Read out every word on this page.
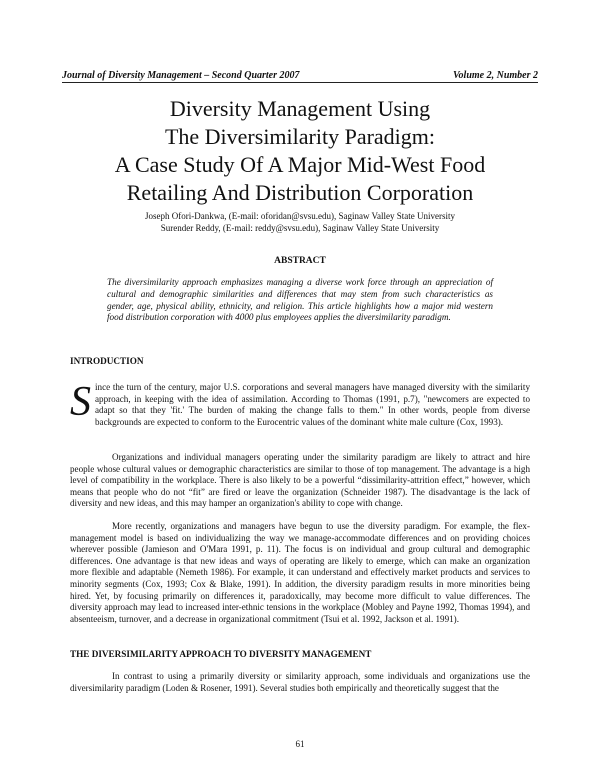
Journal of Diversity Management – Second Quarter 2007	Volume 2, Number 2
Diversity Management Using
The Diversimilarity Paradigm:
A Case Study Of A Major Mid-West Food
Retailing And Distribution Corporation
Joseph Ofori-Dankwa, (E-mail: oforidan@svsu.edu), Saginaw Valley State University
Surender Reddy, (E-mail: reddy@svsu.edu), Saginaw Valley State University
ABSTRACT
The diversimilarity approach emphasizes managing a diverse work force through an appreciation of cultural and demographic similarities and differences that may stem from such characteristics as gender, age, physical ability, ethnicity, and religion. This article highlights how a major mid western food distribution corporation with 4000 plus employees applies the diversimilarity paradigm.
INTRODUCTION
S ince the turn of the century, major U.S. corporations and several managers have managed diversity with the similarity approach, in keeping with the idea of assimilation. According to Thomas (1991, p.7), "newcomers are expected to adapt so that they 'fit.' The burden of making the change falls to them." In other words, people from diverse backgrounds are expected to conform to the Eurocentric values of the dominant white male culture (Cox, 1993).
Organizations and individual managers operating under the similarity paradigm are likely to attract and hire people whose cultural values or demographic characteristics are similar to those of top management. The advantage is a high level of compatibility in the workplace. There is also likely to be a powerful “dissimilarity-attrition effect,” however, which means that people who do not “fit” are fired or leave the organization (Schneider 1987). The disadvantage is the lack of diversity and new ideas, and this may hamper an organization's ability to cope with change.
More recently, organizations and managers have begun to use the diversity paradigm. For example, the flex-management model is based on individualizing the way we manage-accommodate differences and on providing choices wherever possible (Jamieson and O'Mara 1991, p. 11). The focus is on individual and group cultural and demographic differences. One advantage is that new ideas and ways of operating are likely to emerge, which can make an organization more flexible and adaptable (Nemeth 1986). For example, it can understand and effectively market products and services to minority segments (Cox, 1993; Cox & Blake, 1991). In addition, the diversity paradigm results in more minorities being hired. Yet, by focusing primarily on differences it, paradoxically, may become more difficult to value differences. The diversity approach may lead to increased inter-ethnic tensions in the workplace (Mobley and Payne 1992, Thomas 1994), and absenteeism, turnover, and a decrease in organizational commitment (Tsui et al. 1992, Jackson et al. 1991).
THE DIVERSIMILARITY APPROACH TO DIVERSITY MANAGEMENT
In contrast to using a primarily diversity or similarity approach, some individuals and organizations use the diversimilarity paradigm (Loden & Rosener, 1991). Several studies both empirically and theoretically suggest that the
61
